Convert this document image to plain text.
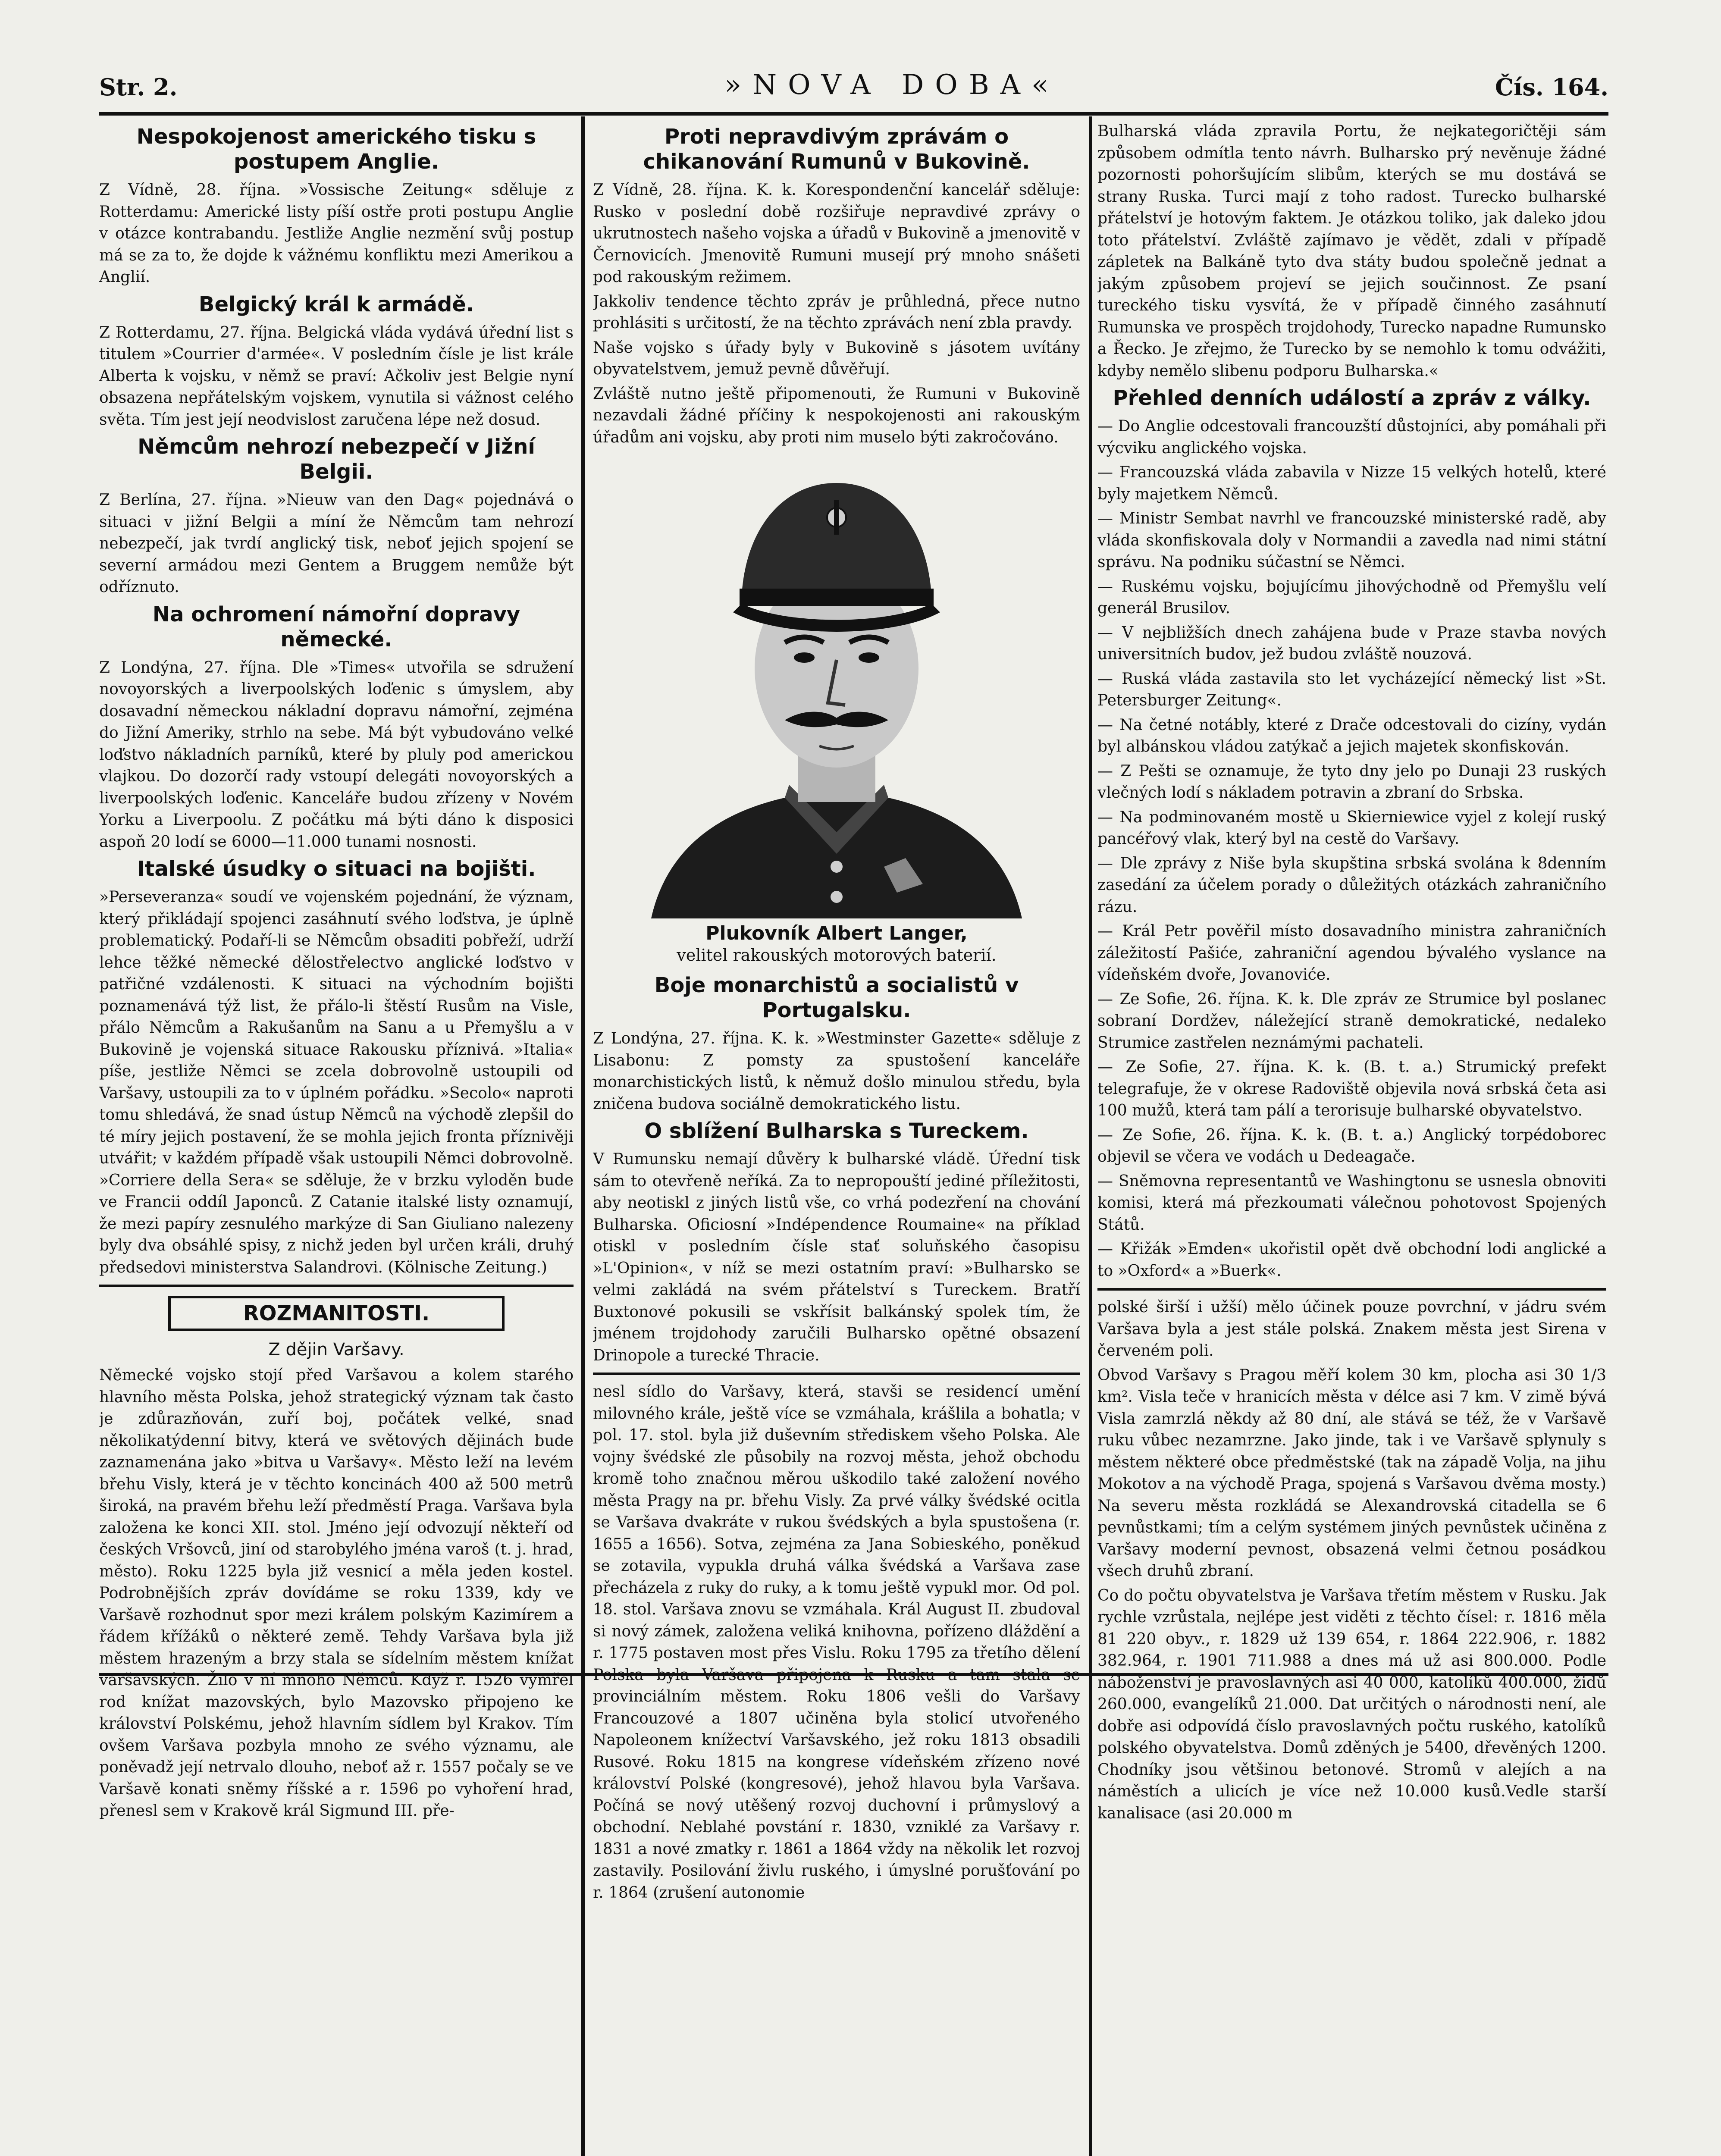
Str. 2.	»NOVA DOBA«	Čís. 164.
Nespokojenost amerického tisku s postupem Anglie.

Z Vídně, 28. října. »Vossische Zeitung« sděluje z Rotterdamu: Americké listy píší ostře proti postupu Anglie v otázce kontrabandu. Jestliže Anglie nezmění svůj postup má se za to, že dojde k vážnému konfliktu mezi Amerikou a Anglií.

Belgický král k armádě.

Z Rotterdamu, 27. října. Belgická vláda vydává úřední list s titulem »Courrier d'armée«. V posledním čísle je list krále Alberta k vojsku, v němž se praví: Ačkoliv jest Belgie nyní obsazena nepřátelským vojskem, vynutila si vážnost celého světa. Tím jest její neodvislost zaručena lépe než dosud.

Němcům nehrozí nebezpečí v Jižní Belgii.

Z Berlína, 27. října. »Nieuw van den Dag« pojednává o situaci v jižní Belgii a míní že Němcům tam nehrozí nebezpečí, jak tvrdí anglický tisk, neboť jejich spojení se severní armádou mezi Gentem a Bruggem nemůže být odříznuto.

Na ochromení námořní dopravy německé.

Z Londýna, 27. října. Dle »Times« utvořila se sdružení novoyorských a liverpoolských loďenic s úmyslem, aby dosavadní německou nákladní dopravu námořní, zejména do Jižní Ameriky, strhlo na sebe. Má být vybudováno velké loďstvo nákladních parníků, které by pluly pod americkou vlajkou. Do dozorčí rady vstoupí delegáti novoyorských a liverpoolských loďenic. Kanceláře budou zřízeny v Novém Yorku a Liverpoolu. Z počátku má býti dáno k disposici aspoň 20 lodí se 6000—11.000 tunami nosnosti.

Italské úsudky o situaci na bojišti.

»Perseveranza« soudí ve vojenském pojednání, že význam, který přikládají spojenci zasáhnutí svého loďstva, je úplně problematický. Podaří-li se Němcům obsaditi pobřeží, udrží lehce těžké německé dělostřelectvo anglické loďstvo v patřičné vzdálenosti. K situaci na východním bojišti poznamenává týž list, že přálo-li štěstí Rusům na Visle, přálo Němcům a Rakušanům na Sanu a u Přemyšlu a v Bukovině je vojenská situace Rakousku příznivá. »Italia« píše, jestliže Němci se zcela dobrovolně ustoupili od Varšavy, ustoupili za to v úplném pořádku. »Secolo« naproti tomu shledává, že snad ústup Němců na východě zlepšil do té míry jejich postavení, že se mohla jejich fronta příznivěji utvářit; v každém případě však ustoupili Němci dobrovolně. »Corriere della Sera« se sděluje, že v brzku vyloděn bude ve Francii oddíl Japonců. Z Catanie italské listy oznamují, že mezi papíry zesnulého markýze di San Giuliano nalezeny byly dva obsáhlé spisy, z nichž jeden byl určen králi, druhý předsedovi ministerstva Salandrovi. (Kölnische Zeitung.)

ROZMANITOSTI.
Z dějin Varšavy.

Německé vojsko stojí před Varšavou a kolem starého hlavního města Polska, jehož strategický význam tak často je zdůrazňován, zuří boj, počátek velké, snad několikatýdenní bitvy, která ve světových dějinách bude zaznamenána jako »bitva u Varšavy«. Město leží na levém břehu Visly, která je v těchto koncinách 400 až 500 metrů široká, na pravém břehu leží předměstí Praga. Varšava byla založena ke konci XII. stol. Jméno její odvozují někteří od českých Vršovců, jiní od starobylého jména varoš (t. j. hrad, město). Roku 1225 byla již vesnicí a měla jeden kostel. Podrobnějších zpráv dovídáme se roku 1339, kdy ve Varšavě rozhodnut spor mezi králem polským Kazimírem a řádem křížáků o některé země. Tehdy Varšava byla již městem hrazeným a brzy stala se sídelním městem knížat varšavských. Žilo v ní mnoho Němců. Když r. 1526 vymřel rod knížat mazovských, bylo Mazovsko připojeno ke království Polskému, jehož hlavním sídlem byl Krakov. Tím ovšem Varšava pozbyla mnoho ze svého významu, ale poněvadž její netrvalo dlouho, neboť až r. 1557 počaly se ve Varšavě konati sněmy říšské a r. 1596 po vyhoření hrad, přenesl sem v Krakově král Sigmund III. pře-

Proti nepravdivým zprávám o chikanování Rumunů v Bukovině.

Z Vídně, 28. října. K. k. Korespondenční kancelář sděluje: Rusko v poslední době rozšiřuje nepravdivé zprávy o ukrutnostech našeho vojska a úřadů v Bukovině a jmenovitě v Černovicích. Jmenovitě Rumuni musejí prý mnoho snášeti pod rakouským režimem.

Jakkoliv tendence těchto zpráv je průhledná, přece nutno prohlásiti s určitostí, že na těchto zprávách není zbla pravdy.

Naše vojsko s úřady byly v Bukovině s jásotem uvítány obyvatelstvem, jemuž pevně důvěřují.

Zvláště nutno ještě připomenouti, že Rumuni v Bukovině nezavdali žádné příčiny k nespokojenosti ani rakouským úřadům ani vojsku, aby proti nim muselo býti zakročováno.

Plukovník Albert Langer,
velitel rakouských motorových baterií.
Boje monarchistů a socialistů v Portugalsku.

Z Londýna, 27. října. K. k. »Westminster Gazette« sděluje z Lisabonu: Z pomsty za spustošení kanceláře monarchistických listů, k němuž došlo minulou středu, byla zničena budova sociálně demokratického listu.

O sblížení Bulharska s Tureckem.

V Rumunsku nemají důvěry k bulharské vládě. Úřední tisk sám to otevřeně neříká. Za to nepropouští jediné příležitosti, aby neotiskl z jiných listů vše, co vrhá podezření na chování Bulharska. Oficiosní »Indépendence Roumaine« na příklad otiskl v posledním čísle stať soluňského časopisu »L'Opinion«, v níž se mezi ostatním praví: »Bulharsko se velmi zakládá na svém přátelství s Tureckem. Bratří Buxtonové pokusili se vskřísit balkánský spolek tím, že jménem trojdohody zaručili Bulharsko opětné obsazení Drinopole a turecké Thracie.

nesl sídlo do Varšavy, která, stavši se residencí umění milovného krále, ještě více se vzmáhala, krášlila a bohatla; v pol. 17. stol. byla již duševním střediskem všeho Polska. Ale vojny švédské zle působily na rozvoj města, jehož obchodu kromě toho značnou měrou uškodilo také založení nového města Pragy na pr. břehu Visly. Za prvé války švédské ocitla se Varšava dvakráte v rukou švédských a byla spustošena (r. 1655 a 1656). Sotva, zejména za Jana Sobieského, poněkud se zotavila, vypukla druhá válka švédská a Varšava zase přecházela z ruky do ruky, a k tomu ještě vypukl mor. Od pol. 18. stol. Varšava znovu se vzmáhala. Král August II. zbudoval si nový zámek, založena veliká knihovna, pořízeno dláždění a r. 1775 postaven most přes Vislu. Roku 1795 za třetího dělení Polska byla Varšava připojena k Rusku a tam stala se provinciálním městem. Roku 1806 vešli do Varšavy Francouzové a 1807 učiněna byla stolicí utvořeného Napoleonem knížectví Varšavského, jež roku 1813 obsadili Rusové. Roku 1815 na kongrese vídeňském zřízeno nové království Polské (kongresové), jehož hlavou byla Varšava. Počíná se nový utěšený rozvoj duchovní i průmyslový a obchodní. Neblahé povstání r. 1830, vzniklé za Varšavy r. 1831 a nové zmatky r. 1861 a 1864 vždy na několik let rozvoj zastavily. Posilování živlu ruského, i úmyslné porušťování po r. 1864 (zrušení autonomie

Bulharská vláda zpravila Portu, že nejkategoričtěji sám způsobem odmítla tento návrh. Bulharsko prý nevěnuje žádné pozornosti pohoršujícím slibům, kterých se mu dostává se strany Ruska. Turci mají z toho radost. Turecko bulharské přátelství je hotovým faktem. Je otázkou toliko, jak daleko jdou toto přátelství. Zvláště zajímavo je vědět, zdali v případě zápletek na Balkáně tyto dva státy budou společně jednat a jakým způsobem projeví se jejich součinnost. Ze psaní tureckého tisku vysvítá, že v případě činného zasáhnutí Rumunska ve prospěch trojdohody, Turecko napadne Rumunsko a Řecko. Je zřejmo, že Turecko by se nemohlo k tomu odvážiti, kdyby nemělo slibenu podporu Bulharska.«

Přehled denních událostí a zpráv z války.

— Do Anglie odcestovali francouzští důstojníci, aby pomáhali při výcviku anglického vojska.

— Francouzská vláda zabavila v Nizze 15 velkých hotelů, které byly majetkem Němců.

— Ministr Sembat navrhl ve francouzské ministerské radě, aby vláda skonfiskovala doly v Normandii a zavedla nad nimi státní správu. Na podniku súčastní se Němci.

— Ruskému vojsku, bojujícímu jihovýchodně od Přemyšlu velí generál Brusilov.

— V nejbližších dnech zahájena bude v Praze stavba nových universitních budov, jež budou zvláště nouzová.

— Ruská vláda zastavila sto let vycházející německý list »St. Petersburger Zeitung«.

— Na četné notábly, které z Drače odcestovali do cizíny, vydán byl albánskou vládou zatýkač a jejich majetek skonfiskován.

— Z Pešti se oznamuje, že tyto dny jelo po Dunaji 23 ruských vlečných lodí s nákladem potravin a zbraní do Srbska.

— Na podminovaném mostě u Skierniewice vyjel z kolejí ruský pancéřový vlak, který byl na cestě do Varšavy.

— Dle zprávy z Niše byla skupština srbská svolána k 8denním zasedání za účelem porady o důležitých otázkách zahraničního rázu.

— Král Petr pověřil místo dosavadního ministra zahraničních záležitostí Pašiće, zahraniční agendou bývalého vyslance na vídeňském dvoře, Jovanoviće.

— Ze Sofie, 26. října. K. k. Dle zpráv ze Strumice byl poslanec sobraní Dordžev, náležející straně demokratické, nedaleko Strumice zastřelen neznámými pachateli.

— Ze Sofie, 27. října. K. k. (B. t. a.) Strumický prefekt telegrafuje, že v okrese Radoviště objevila nová srbská četa asi 100 mužů, která tam pálí a terorisuje bulharské obyvatelstvo.

— Ze Sofie, 26. října. K. k. (B. t. a.) Anglický torpédoborec objevil se včera ve vodách u Dedeagače.

— Sněmovna representantů ve Washingtonu se usnesla obnoviti komisi, která má přezkoumati válečnou pohotovost Spojených Států.

— Křižák »Emden« ukořistil opět dvě obchodní lodi anglické a to »Oxford« a »Buerk«.

polské širší i užší) mělo účinek pouze povrchní, v jádru svém Varšava byla a jest stále polská. Znakem města jest Sirena v červeném poli.

Obvod Varšavy s Pragou měří kolem 30 km, plocha asi 30 1/3 km². Visla teče v hranicích města v délce asi 7 km. V zimě bývá Visla zamrzlá někdy až 80 dní, ale stává se též, že v Varšavě ruku vůbec nezamrzne. Jako jinde, tak i ve Varšavě splynuly s městem některé obce předměstské (tak na západě Volja, na jihu Mokotov a na východě Praga, spojená s Varšavou dvěma mosty.) Na severu města rozkládá se Alexandrovská citadella se 6 pevnůstkami; tím a celým systémem jiných pevnůstek učiněna z Varšavy moderní pevnost, obsazená velmi četnou posádkou všech druhů zbraní.

Co do počtu obyvatelstva je Varšava třetím městem v Rusku. Jak rychle vzrůstala, nejlépe jest viděti z těchto čísel: r. 1816 měla 81 220 obyv., r. 1829 už 139 654, r. 1864 222.906, r. 1882 382.964, r. 1901 711.988 a dnes má už asi 800.000. Podle náboženství je pravoslavných asi 40 000, katolíků 400.000, židů 260.000, evangelíků 21.000. Dat určitých o národnosti není, ale dobře asi odpovídá číslo pravoslavných počtu ruského, katolíků polského obyvatelstva. Domů zděných je 5400, dřevěných 1200. Chodníky jsou většinou betonové. Stromů v alejích a na náměstích a ulicích je více než 10.000 kusů.Vedle starší kanalisace (asi 20.000 m
